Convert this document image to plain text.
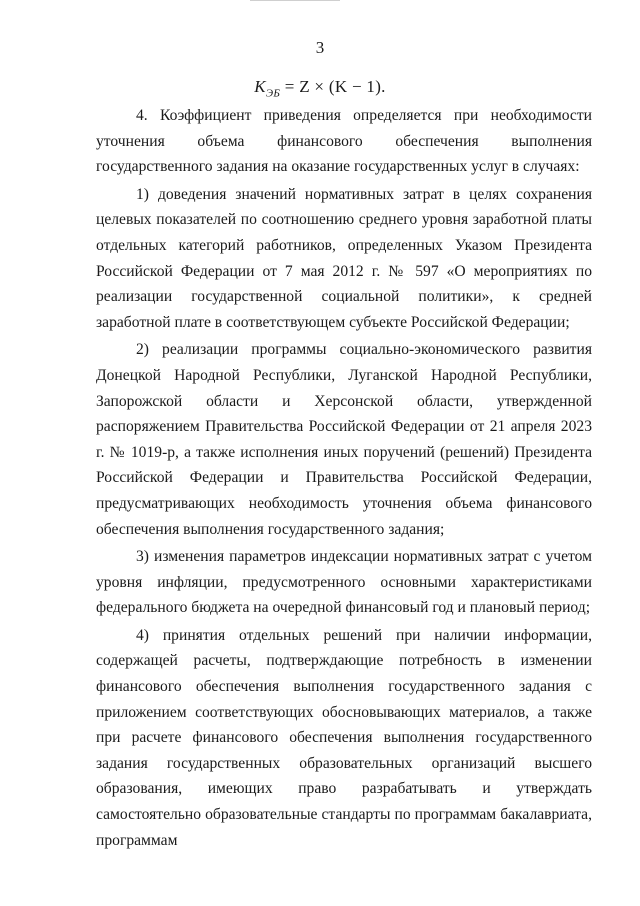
3
$K_{ЭБ} = Z \times (K - 1)$.

4. Коэффициент приведения определяется при необходимости уточнения объема финансового обеспечения выполнения государственного задания на оказание государственных услуг в случаях:

1) доведения значений нормативных затрат в целях сохранения целевых показателей по соотношению среднего уровня заработной платы отдельных категорий работников, определенных Указом Президента Российской Федерации от 7 мая 2012 г. № 597 «О мероприятиях по реализации государственной социальной политики», к средней заработной плате в соответствующем субъекте Российской Федерации;

2) реализации программы социально-экономического развития Донецкой Народной Республики, Луганской Народной Республики, Запорожской области и Херсонской области, утвержденной распоряжением Правительства Российской Федерации от 21 апреля 2023 г. № 1019-р, а также исполнения иных поручений (решений) Президента Российской Федерации и Правительства Российской Федерации, предусматривающих необходимость уточнения объема финансового обеспечения выполнения государственного задания;

3) изменения параметров индексации нормативных затрат с учетом уровня инфляции, предусмотренного основными характеристиками федерального бюджета на очередной финансовый год и плановый период;

4) принятия отдельных решений при наличии информации, содержащей расчеты, подтверждающие потребность в изменении финансового обеспечения выполнения государственного задания с приложением соответствующих обосновывающих материалов, а также при расчете финансового обеспечения выполнения государственного задания государственных образовательных организаций высшего образования, имеющих право разрабатывать и утверждать самостоятельно образовательные стандарты по программам бакалавриата, программам
